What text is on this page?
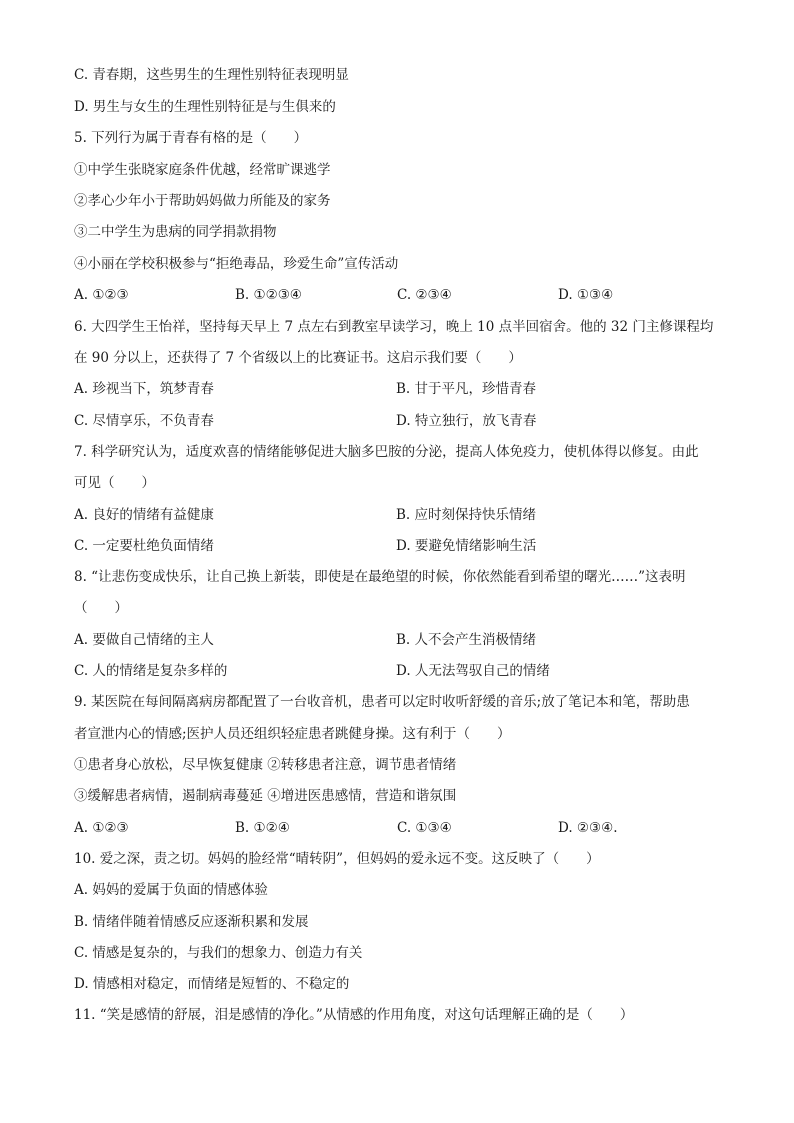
C. 青春期，这些男生的生理性别特征表现明显
D. 男生与女生的生理性别特征是与生俱来的
5. 下列行为属于青春有格的是（　　）
①中学生张晓家庭条件优越，经常旷课逃学
②孝心少年小于帮助妈妈做力所能及的家务
③二中学生为患病的同学捐款捐物
④小丽在学校积极参与“拒绝毒品，珍爱生命”宣传活动
A. ①②③	B. ①②③④	C. ②③④	D. ①③④
6. 大四学生王怡祥，坚持每天早上 7 点左右到教室早读学习，晚上 10 点半回宿舍。他的 32 门主修课程均
在 90 分以上，还获得了 7 个省级以上的比赛证书。这启示我们要（　　）
A. 珍视当下，筑梦青春	B. 甘于平凡，珍惜青春
C. 尽情享乐，不负青春	D. 特立独行，放飞青春
7. 科学研究认为，适度欢喜的情绪能够促进大脑多巴胺的分泌，提高人体免疫力，使机体得以修复。由此
可见（　　）
A. 良好的情绪有益健康	B. 应时刻保持快乐情绪
C. 一定要杜绝负面情绪	D. 要避免情绪影响生活
8. “让悲伤变成快乐，让自己换上新装，即使是在最绝望的时候，你依然能看到希望的曙光……”这表明
（　　）
A. 要做自己情绪的主人	B. 人不会产生消极情绪
C. 人的情绪是复杂多样的	D. 人无法驾驭自己的情绪
9. 某医院在每间隔离病房都配置了一台收音机，患者可以定时收听舒缓的音乐;放了笔记本和笔，帮助患
者宣泄内心的情感;医护人员还组织轻症患者跳健身操。这有利于（　　）
①患者身心放松，尽早恢复健康 ②转移患者注意，调节患者情绪
③缓解患者病情，遏制病毒蔓延 ④增进医患感情，营造和谐氛围
A. ①②③	B. ①②④	C. ①③④	D. ②③④.
10. 爱之深，责之切。妈妈的脸经常“晴转阴”，但妈妈的爱永远不变。这反映了（　　）
A. 妈妈的爱属于负面的情感体验
B. 情绪伴随着情感反应逐渐积累和发展
C. 情感是复杂的，与我们的想象力、创造力有关
D. 情感相对稳定，而情绪是短暂的、不稳定的
11. “笑是感情的舒展，泪是感情的净化。”从情感的作用角度，对这句话理解正确的是（　　）
